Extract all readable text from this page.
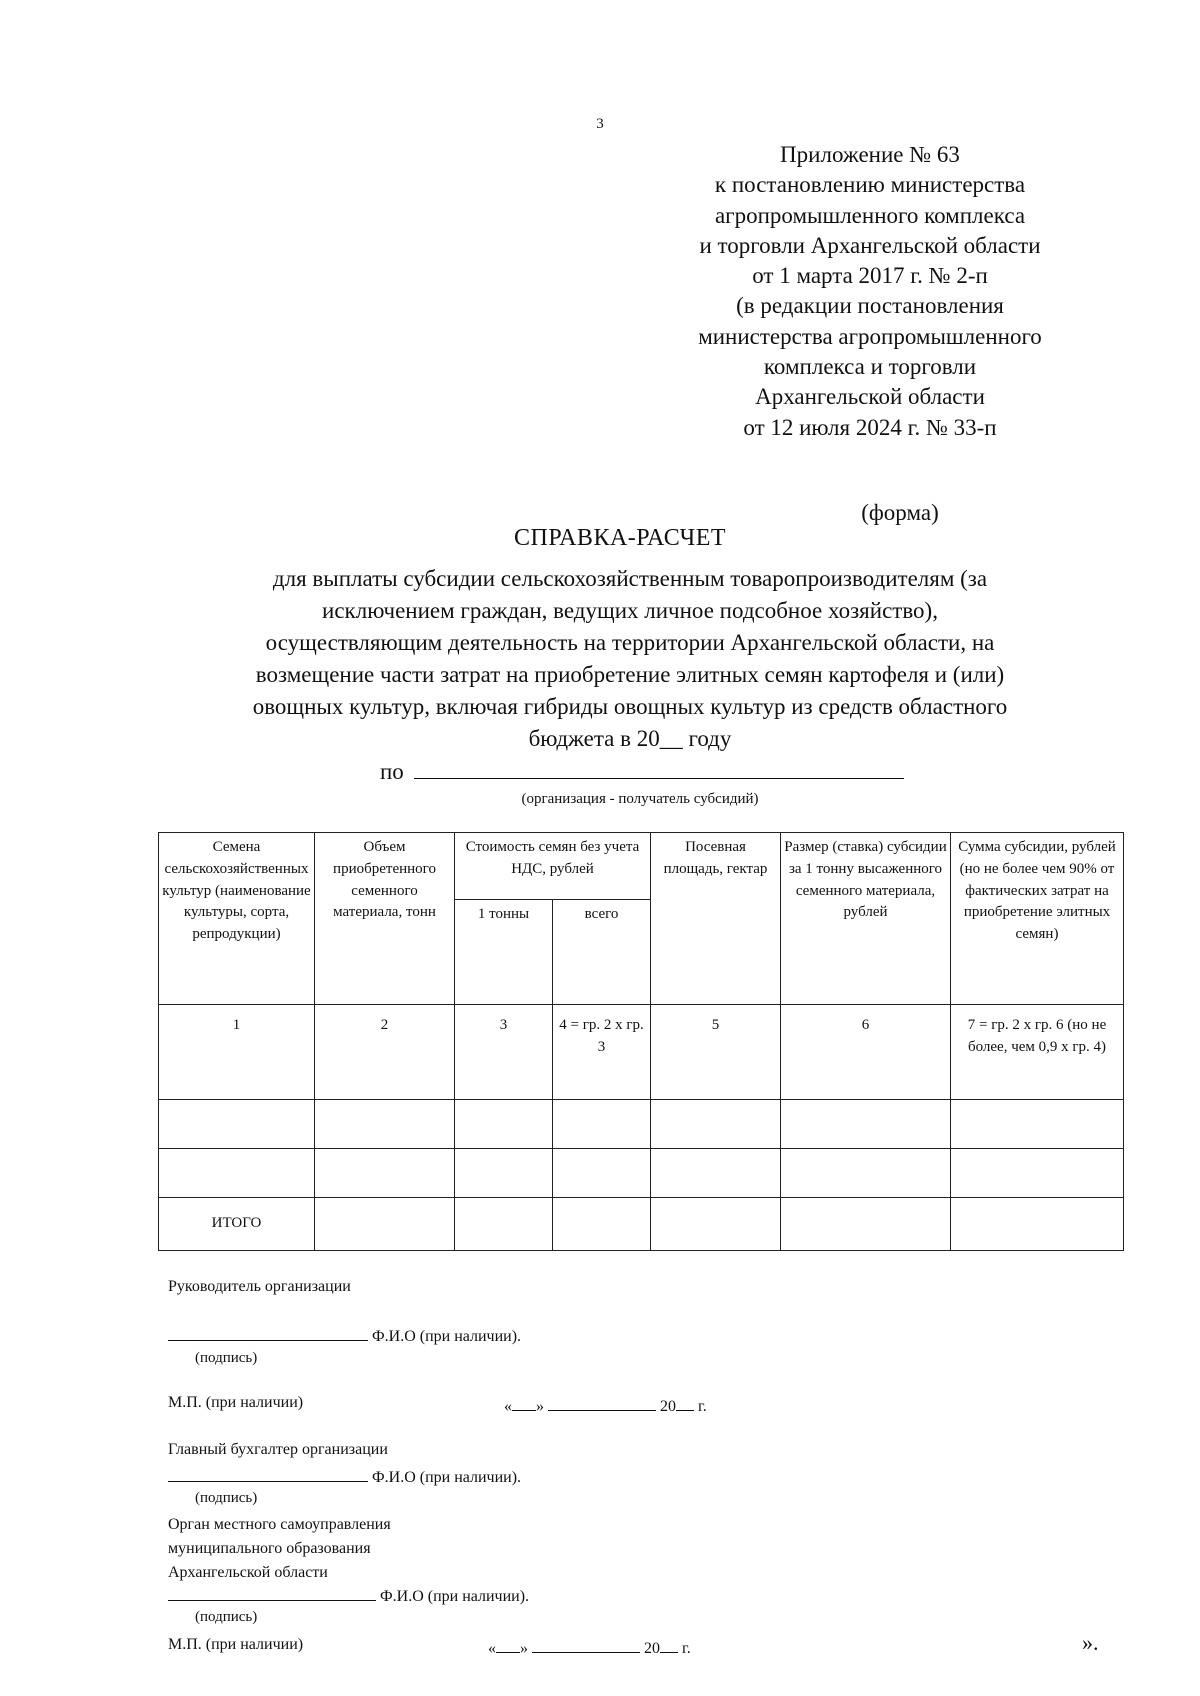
3
Приложение № 63
к постановлению министерства
агропромышленного комплекса
и торговли Архангельской области
от 1 марта 2017 г. № 2-п
(в редакции постановления
министерства агропромышленного
комплекса и торговли
Архангельской области
от 12 июля 2024 г. № 33-п
(форма)
СПРАВКА-РАСЧЕТ
для выплаты субсидии сельскохозяйственным товаропроизводителям (за
исключением граждан, ведущих личное подсобное хозяйство),
осуществляющим деятельность на территории Архангельской области, на
возмещение части затрат на приобретение элитных семян картофеля и (или)
овощных культур, включая гибриды овощных культур из средств областного
бюджета в 20__ году
по
(организация - получатель субсидий)
Семена сельскохозяйственных культур (наименование культуры, сорта, репродукции)	Объем приобретенного семенного материала, тонн	Стоимость семян без учета НДС, рублей		Посевная площадь, гектар	Размер (ставка) субсидии за 1 тонну высаженного семенного материала, рублей	Сумма субсидии, рублей (но не более чем 90% от фактических затрат на приобретение элитных семян)
		1 тонны	всего			
1	2	3	4 = гр. 2 x гр. 3	5	6	7 = гр. 2 х гр. 6 (но не более, чем 0,9 х гр. 4)

ИТОГО						
Руководитель организации
Ф.И.О (при наличии).
(подпись)
М.П. (при наличии)	« »	20 г.
Главный бухгалтер организации
Ф.И.О (при наличии).
(подпись)
Орган местного самоуправления
муниципального образования
Архангельской области
Ф.И.О (при наличии).
(подпись)
М.П. (при наличии)	« »	20 г.	».
